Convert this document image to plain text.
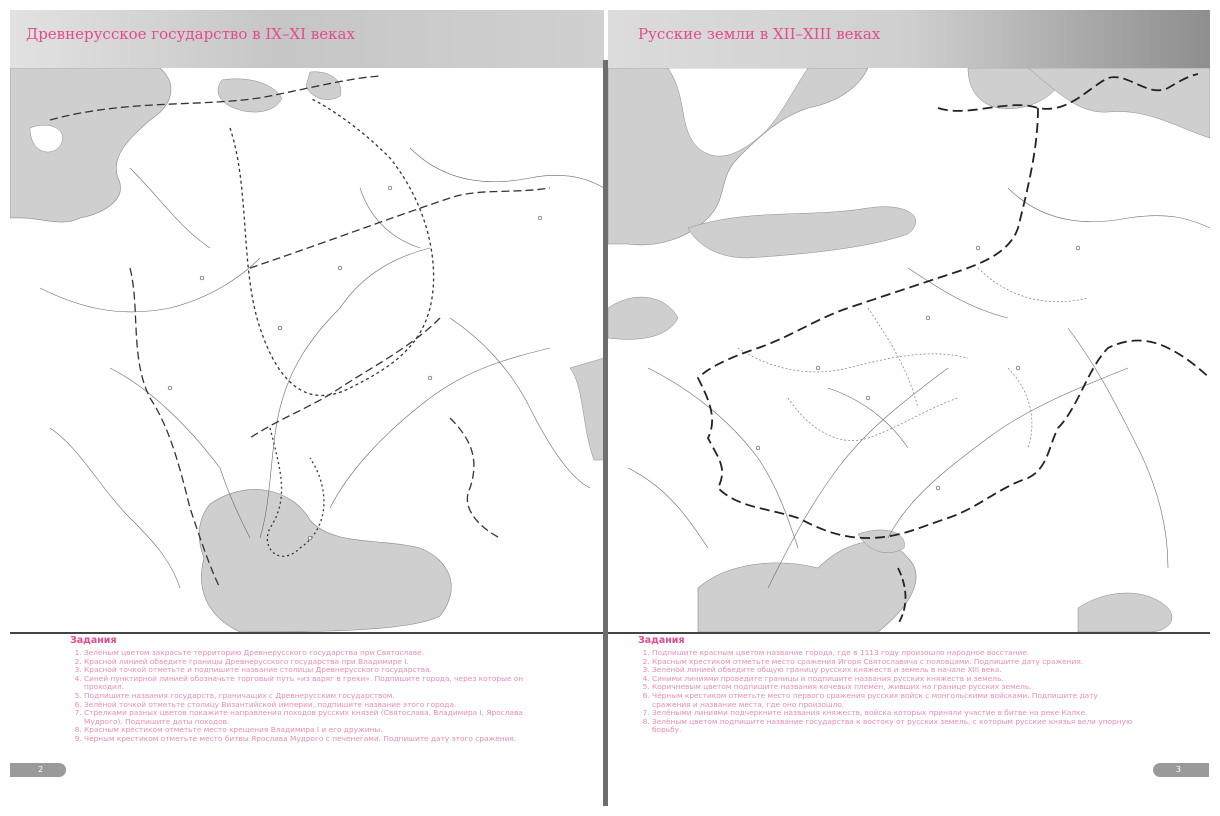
Древнерусское государство в IX–XI веках
Задания
1. Зелёным цветом закрасьте территорию Древнерусского государства при Святославе.
2. Красной линией обведите границы Древнерусского государства при Владимире I.
3. Красной точкой отметьте и подпишите название столицы Древнерусского государства.
4. Синей пунктирной линией обозначьте торговый путь «из варяг в греки». Подпишите города, через которые он проходил.
5. Подпишите названия государств, граничащих с Древнерусским государством.
6. Зелёной точкой отметьте столицу Византийской империи, подпишите название этого города.
7. Стрелками разных цветов покажите направления походов русских князей (Святослава, Владимира I, Ярослава Мудрого). Подпишите даты походов.
8. Красным крестиком отметьте место крещения Владимира I и его дружины.
9. Чёрным крестиком отметьте место битвы Ярослава Мудрого с печенегами. Подпишите дату этого сражения.
2
Русские земли в XII–XIII веках
Задания
1. Подпишите красным цветом название города, где в 1113 году произошло народное восстание.
2. Красным крестиком отметьте место сражения Игоря Святославича с половцами. Подпишите дату сражения.
3. Зелёной линией обведите общую границу русских княжеств и земель в начале XIII века.
4. Синими линиями проведите границы и подпишите названия русских княжеств и земель.
5. Коричневым цветом подпишите названия кочевых племён, живших на границе русских земель.
6. Чёрным крестиком отметьте место первого сражения русских войск с монгольскими войсками. Подпишите дату сражения и название места, где оно произошло.
7. Зелёными линиями подчеркните названия княжеств, войска которых приняли участие в битве на реке Калке.
8. Зелёным цветом подпишите название государства к востоку от русских земель, с которым русские князья вели упорную борьбу.
3
